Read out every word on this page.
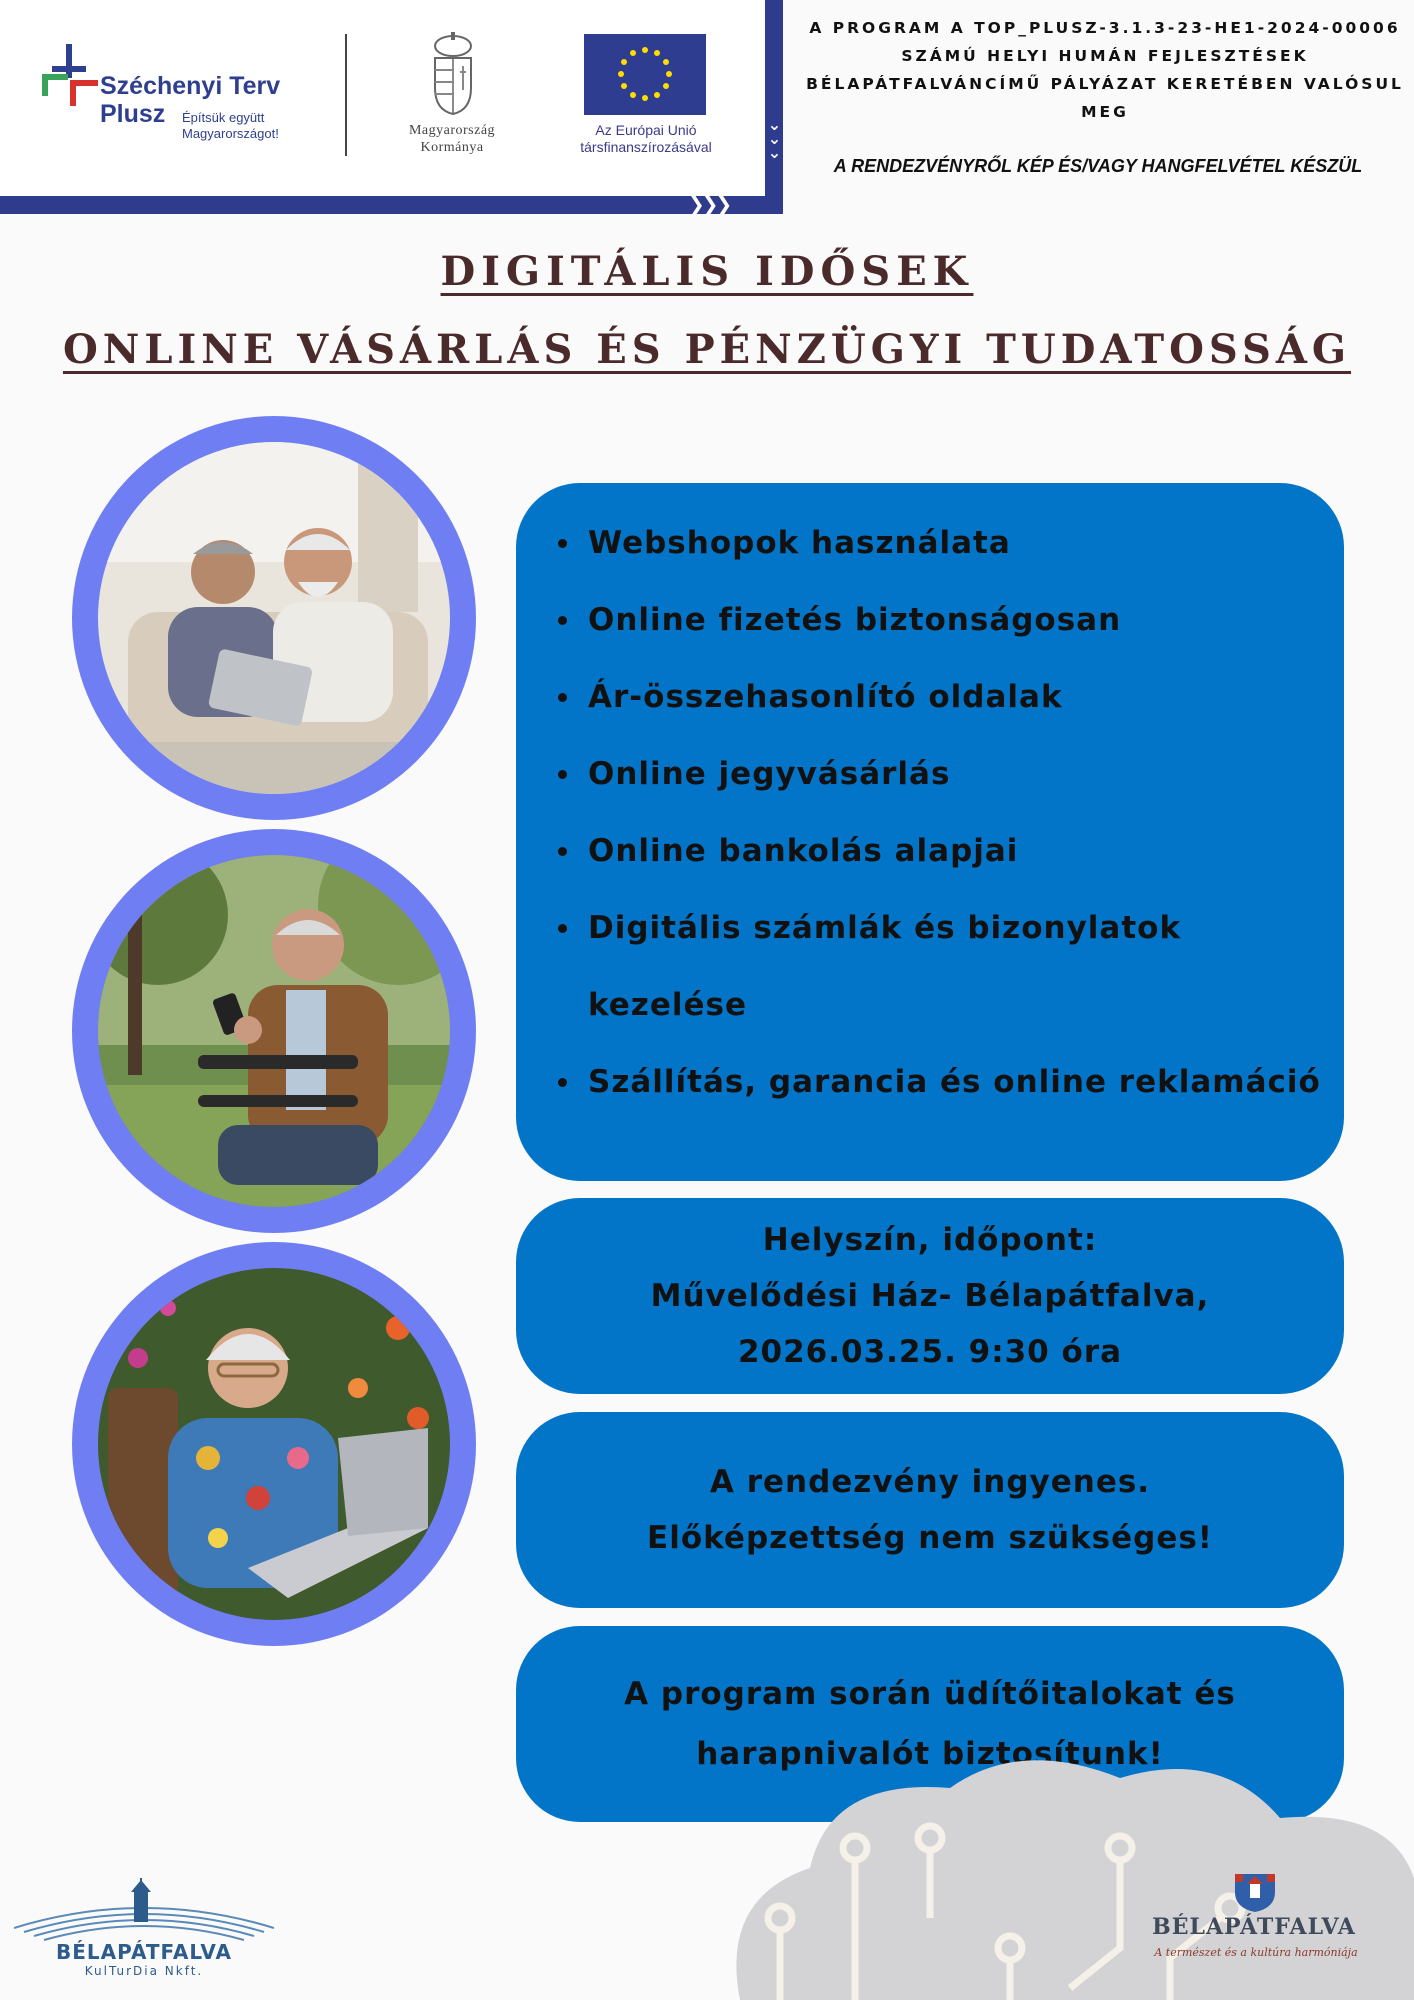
Széchenyi Terv
Plusz Építsük együtt
Magyarországot!	Magyarország
Kormánya
Az Európai Unió
társfinanszírozásával
⌄
⌄
⌄
❯❯❯
A PROGRAM A TOP_PLUSZ-3.1.3-23-HE1-2024-00006 SZÁMÚ HELYI HUMÁN FEJLESZTÉSEK BÉLAPÁTFALVÁNCÍMŰ PÁLYÁZAT KERETÉBEN VALÓSUL MEG
A RENDEZVÉNYRŐL KÉP ÉS/VAGY HANGFELVÉTEL KÉSZÜL
DIGITÁLIS IDŐSEK
ONLINE VÁSÁRLÁS ÉS PÉNZÜGYI TUDATOSSÁG
Webshopok használata
Online fizetés biztonságosan
Ár-összehasonlító oldalak
Online jegyvásárlás
Online bankolás alapjai
Digitális számlák és bizonylatok kezelése
Szállítás, garancia és online reklamáció
Helyszín, időpont:
Művelődési Ház- Bélapátfalva,
2026.03.25. 9:30 óra
A rendezvény ingyenes.
Előképzettség nem szükséges!
A program során üdítőitalokat és
harapnivalót biztosítunk!
BÉLAPÁTFALVA
KulTurDia Nkft.
BÉLAPÁTFALVA
A természet és a kultúra harmóniája
